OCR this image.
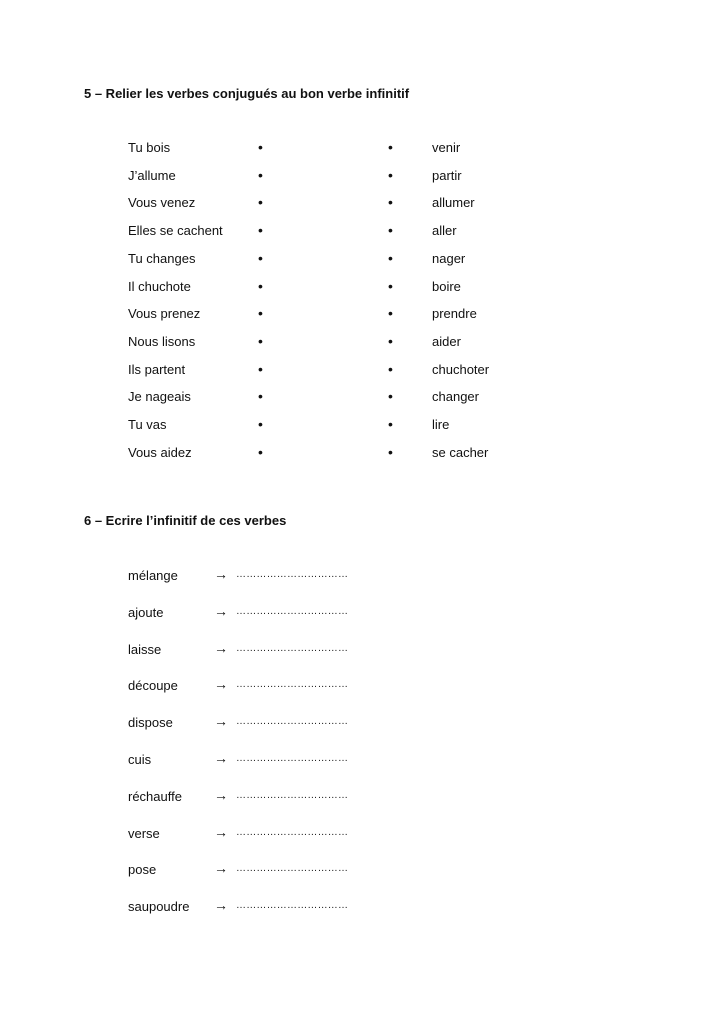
5 – Relier les verbes conjugués au bon verbe infinitif
Tu bois	•	•	venir
J’allume	•	•	partir
Vous venez	•	•	allumer
Elles se cachent	•	•	aller
Tu changes	•	•	nager
Il chuchote	•	•	boire
Vous prenez	•	•	prendre
Nous lisons	•	•	aider
Ils partent	•	•	chuchoter
Je nageais	•	•	changer
Tu vas	•	•	lire
Vous aidez	•	•	se cacher
6 – Ecrire l’infinitif de ces verbes
mélange	→ ……………………………
ajoute	→ ……………………………
laisse	→ ……………………………
découpe	→ ……………………………
dispose	→ ……………………………
cuis	→ ……………………………
réchauffe → ……………………………
verse	→ ……………………………
pose	→ ……………………………
saupoudre → ……………………………
